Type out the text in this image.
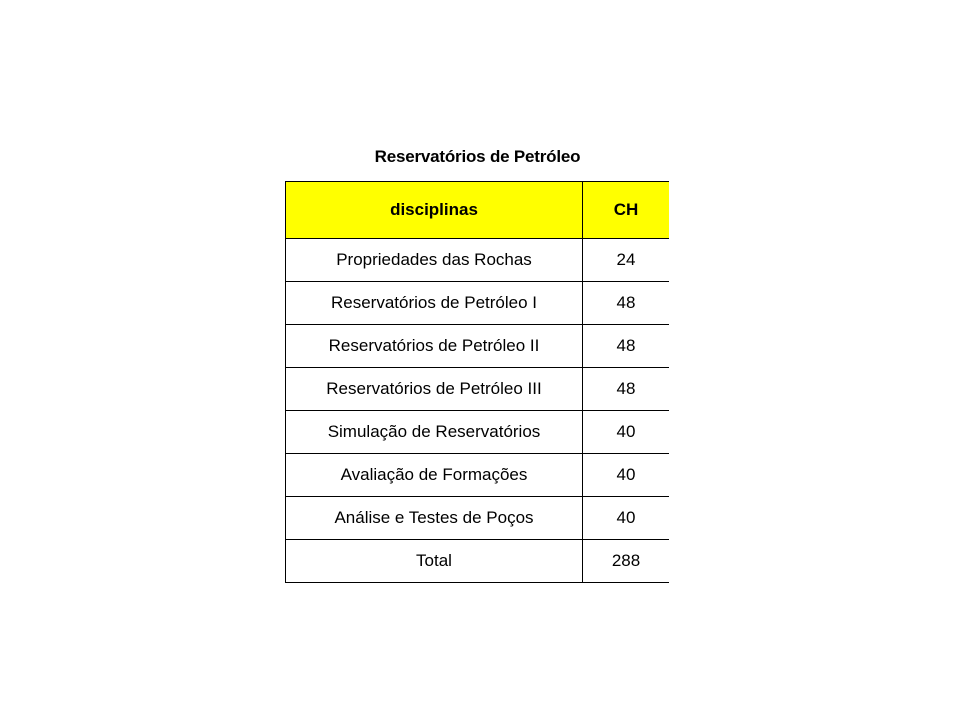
Reservatórios de Petróleo
disciplinas	CH
Propriedades das Rochas	24
Reservatórios de Petróleo I	48
Reservatórios de Petróleo II	48
Reservatórios de Petróleo III	48
Simulação de Reservatórios	40
Avaliação de Formações	40
Análise e Testes de Poços	40
Total	288
